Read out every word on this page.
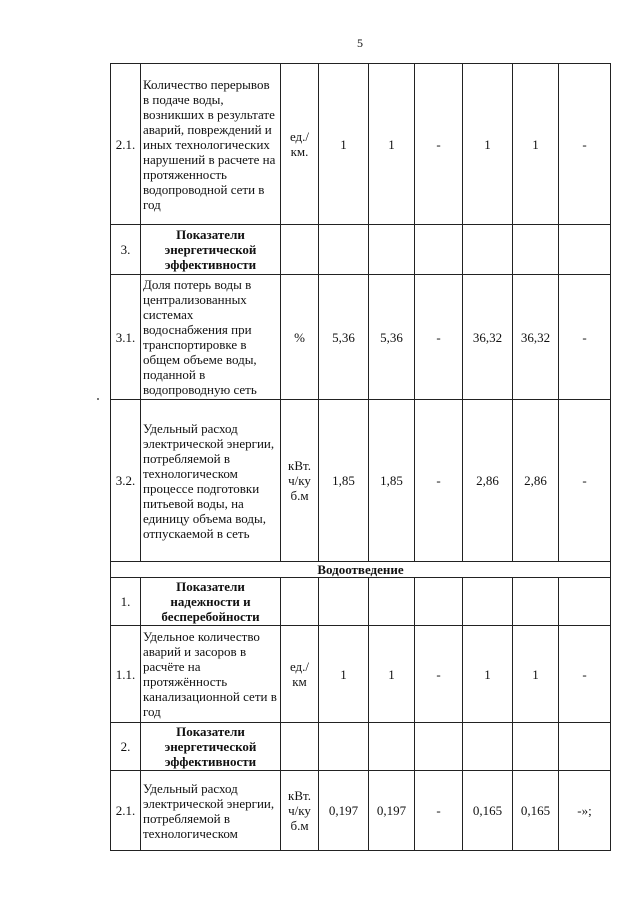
5
2.1.	Количество перерывов в подаче воды, возникших в результате аварий, повреждений и иных технологических нарушений в расчете на протяженность водопроводной сети в год	ед./ км.	1	1	-	1	1	-
3.	Показатели энергетической эффективности							
3.1.	Доля потерь воды в централизованных системах водоснабжения при транспортировке в общем объеме воды, поданной в водопроводную сеть	%	5,36	5,36	-	36,32	36,32	-
3.2.	Удельный расход электрической энергии, потребляемой в технологическом процессе подготовки питьевой воды, на единицу объема воды, отпускаемой в сеть	кВт. ч/ку б.м	1,85	1,85	-	2,86	2,86	-
Водоотведение								
1.	Показатели надежности и бесперебойности							
1.1.	Удельное количество аварий и засоров в расчёте на протяжённость канализационной сети в год	ед./ км	1	1	-	1	1	-
2.	Показатели энергетической эффективности							
2.1.	Удельный расход электрической энергии, потребляемой в технологическом	кВт. ч/ку б.м	0,197	0,197	-	0,165	0,165	-»;
